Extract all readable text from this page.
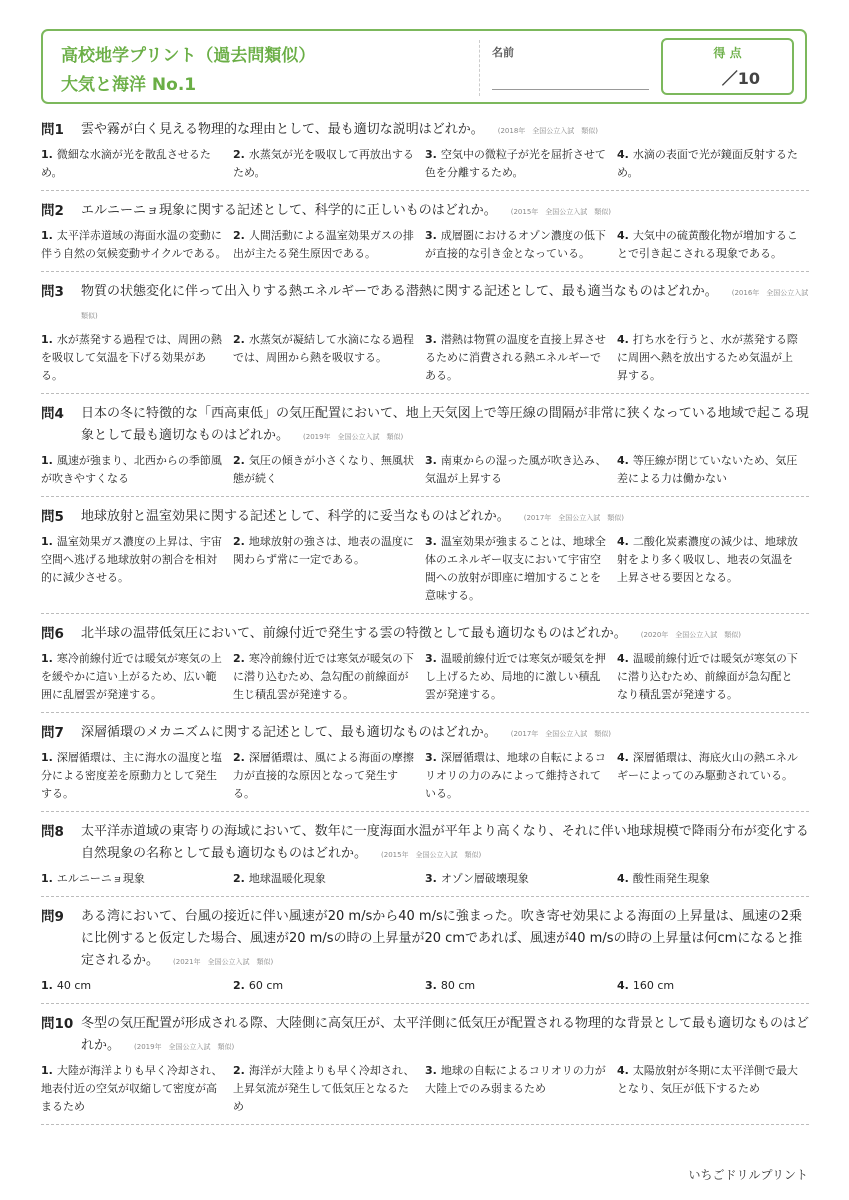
高校地学プリント（過去問類似）
大気と海洋 No.1
名前	得 点
／10
問1	雲や霧が白く見える物理的な理由として、最も適切な説明はどれか。 (2018年　全国公立入試　類似)
1. 微細な水滴が光を散乱させるため。
2. 水蒸気が光を吸収して再放出するため。
3. 空気中の微粒子が光を屈折させて色を分離するため。
4. 水滴の表面で光が鏡面反射するため。
問2	エルニーニョ現象に関する記述として、科学的に正しいものはどれか。 (2015年　全国公立入試　類似)
1. 太平洋赤道域の海面水温の変動に伴う自然の気候変動サイクルである。
2. 人間活動による温室効果ガスの排出が主たる発生原因である。
3. 成層圏におけるオゾン濃度の低下が直接的な引き金となっている。
4. 大気中の硫黄酸化物が増加することで引き起こされる現象である。
問3	物質の状態変化に伴って出入りする熱エネルギーである潜熱に関する記述として、最も適当なものはどれか。 (2016年　全国公立入試　類似)
1. 水が蒸発する過程では、周囲の熱を吸収して気温を下げる効果がある。
2. 水蒸気が凝結して水滴になる過程では、周囲から熱を吸収する。
3. 潜熱は物質の温度を直接上昇させるために消費される熱エネルギーである。
4. 打ち水を行うと、水が蒸発する際に周囲へ熱を放出するため気温が上昇する。
問4	日本の冬に特徴的な「西高東低」の気圧配置において、地上天気図上で等圧線の間隔が非常に狭くなっている地域で起こる現象として最も適切なものはどれか。 (2019年　全国公立入試　類似)
1. 風速が強まり、北西からの季節風が吹きやすくなる
2. 気圧の傾きが小さくなり、無風状態が続く
3. 南東からの湿った風が吹き込み、気温が上昇する
4. 等圧線が閉じていないため、気圧差による力は働かない
問5	地球放射と温室効果に関する記述として、科学的に妥当なものはどれか。 (2017年　全国公立入試　類似)
1. 温室効果ガス濃度の上昇は、宇宙空間へ逃げる地球放射の割合を相対的に減少させる。
2. 地球放射の強さは、地表の温度に関わらず常に一定である。
3. 温室効果が強まることは、地球全体のエネルギー収支において宇宙空間への放射が即座に増加することを意味する。
4. 二酸化炭素濃度の減少は、地球放射をより多く吸収し、地表の気温を上昇させる要因となる。
問6	北半球の温帯低気圧において、前線付近で発生する雲の特徴として最も適切なものはどれか。 (2020年　全国公立入試　類似)
1. 寒冷前線付近では暖気が寒気の上を緩やかに這い上がるため、広い範囲に乱層雲が発達する。
2. 寒冷前線付近では寒気が暖気の下に潜り込むため、急勾配の前線面が生じ積乱雲が発達する。
3. 温暖前線付近では寒気が暖気を押し上げるため、局地的に激しい積乱雲が発達する。
4. 温暖前線付近では暖気が寒気の下に潜り込むため、前線面が急勾配となり積乱雲が発達する。
問7	深層循環のメカニズムに関する記述として、最も適切なものはどれか。 (2017年　全国公立入試　類似)
1. 深層循環は、主に海水の温度と塩分による密度差を原動力として発生する。
2. 深層循環は、風による海面の摩擦力が直接的な原因となって発生する。
3. 深層循環は、地球の自転によるコリオリの力のみによって維持されている。
4. 深層循環は、海底火山の熱エネルギーによってのみ駆動されている。
問8	太平洋赤道域の東寄りの海域において、数年に一度海面水温が平年より高くなり、それに伴い地球規模で降雨分布が変化する自然現象の名称として最も適切なものはどれか。 (2015年　全国公立入試　類似)
1. エルニーニョ現象	2. 地球温暖化現象	3. オゾン層破壊現象	4. 酸性雨発生現象
問9	ある湾において、台風の接近に伴い風速が20 m/sから40 m/sに強まった。吹き寄せ効果による海面の上昇量は、風速の2乗に比例すると仮定した場合、風速が20 m/sの時の上昇量が20 cmであれば、風速が40 m/sの時の上昇量は何cmになると推定されるか。 (2021年　全国公立入試　類似)
1. 40 cm	2. 60 cm	3. 80 cm	4. 160 cm
問10 冬型の気圧配置が形成される際、大陸側に高気圧が、太平洋側に低気圧が配置される物理的な背景として最も適切なものはどれか。 (2019年　全国公立入試　類似)
1. 大陸が海洋よりも早く冷却され、地表付近の空気が収縮して密度が高まるため
2. 海洋が大陸よりも早く冷却され、上昇気流が発生して低気圧となるため
3. 地球の自転によるコリオリの力が大陸上でのみ弱まるため
4. 太陽放射が冬期に太平洋側で最大となり、気圧が低下するため
いちごドリルプリント
